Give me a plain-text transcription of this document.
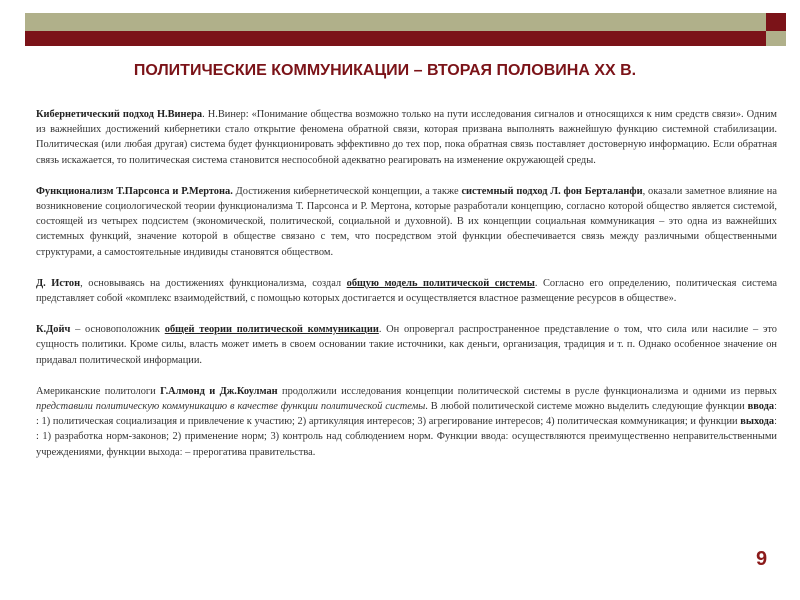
ПОЛИТИЧЕСКИЕ КОММУНИКАЦИИ – ВТОРАЯ ПОЛОВИНА ХХ В.

Кибернетический подход Н.Винера. Н.Винер: «Понимание общества возможно только на пути исследования сигналов и относящихся к ним средств связи». Одним из важнейших достижений кибернетики стало открытие феномена обратной связи, которая призвана выполнять важнейшую функцию системной стабилизации. Политическая (или любая другая) система будет функционировать эффективно до тех пор, пока обратная связь поставляет достоверную информацию. Если обратная связь искажается, то политическая система становится неспособной адекватно реагировать на изменение окружающей среды.

Функционализм Т.Парсонса и Р.Мертона. Достижения кибернетической концепции, а также системный подход Л. фон Берталанфи, оказали заметное влияние на возникновение социологической теории функционализма Т. Парсонса и Р. Мертона, которые разработали концепцию, согласно которой общество является системой, состоящей из четырех подсистем (экономической, политической, социальной и духовной). В их концепции социальная коммуникация – это одна из важнейших системных функций, значение которой в обществе связано с тем, что посредством этой функции обеспечивается связь между различными общественными структурами, а самостоятельные индивиды становятся обществом.

Д. Истон, основываясь на достижениях функционализма, создал общую модель политической системы. Согласно его определению, политическая система представляет собой «комплекс взаимодействий, с помощью которых достигается и осуществляется властное размещение ресурсов в обществе».

К.Дойч – основоположник общей теории политической коммуникации. Он опровергал распространенное представление о том, что сила или насилие – это сущность политики. Кроме силы, власть может иметь в своем основании такие источники, как деньги, организация, традиция и т. п. Однако особенное значение он придавал политической информации.

Американские политологи Г.Алмонд и Дж.Коулман продолжили исследования концепции политической системы в русле функционализма и одними из первых представили политическую коммуникацию в качестве функции политической системы. В любой политической системе можно выделить следующие функции вводаː : 1) политическая социализация и привлечение к участию; 2) артикуляция интересов; 3) агрегирование интересов; 4) политическая коммуникация; и функции выходаː : 1) разработка норм-законов; 2) применение норм; 3) контроль над соблюдением норм. Функции вводаː осуществляются преимущественно неправительственными учреждениями, функции выходаː – прерогатива правительства.

9
